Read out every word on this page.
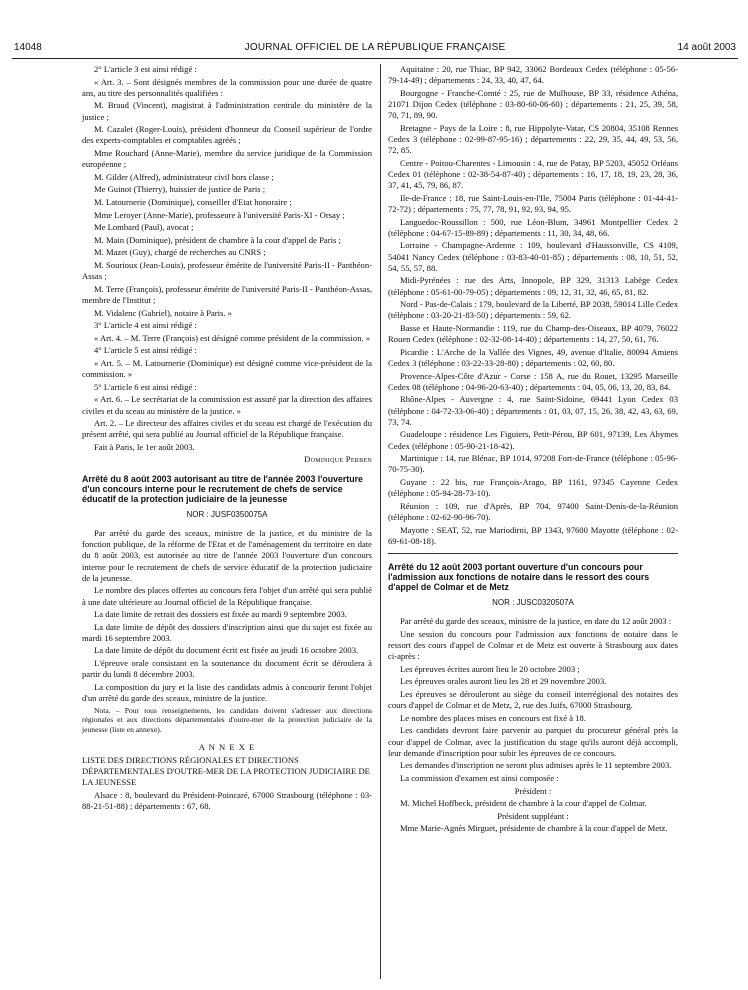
14048	JOURNAL OFFICIEL DE LA RÉPUBLIQUE FRANÇAISE	14 août 2003

2° L'article 3 est ainsi rédigé :

« Art. 3. – Sont désignés membres de la commission pour une durée de quatre ans, au titre des personnalités qualifiées :

M. Braud (Vincent), magistrat à l'administration centrale du ministère de la justice ;

M. Cazalet (Roger-Louis), président d'honneur du Conseil supérieur de l'ordre des experts-comptables et comptables agréés ;

Mme Rouchard (Anne-Marie), membre du service juridique de la Commission européenne ;

M. Gilder (Alfred), administrateur civil hors classe ;

Me Guinot (Thierry), huissier de justice de Paris ;

M. Latournerie (Dominique), conseiller d'Etat honoraire ;

Mme Leroyer (Anne-Marie), professeure à l'université Paris-XI - Orsay ;

Me Lombard (Paul), avocat ;

M. Main (Dominique), président de chambre à la cour d'appel de Paris ;

M. Mazet (Guy), chargé de recherches au CNRS ;

M. Sourioux (Jean-Louis), professeur émérite de l'université Paris-II - Panthéon-Assas ;

M. Terre (François), professeur émérite de l'université Paris-II - Panthéon-Assas, membre de l'Institut ;

M. Vidalenc (Gabriel), notaire à Paris. »

3° L'article 4 est ainsi rédigé :

« Art. 4. – M. Terre (François) est désigné comme président de la commission. »

4° L'article 5 est ainsi rédigé :

« Art. 5. – M. Latournerie (Dominique) est désigné comme vice-président de la commission. »

5° L'article 6 est ainsi rédigé :

« Art. 6. – Le secrétariat de la commission est assuré par la direction des affaires civiles et du sceau au ministère de la justice. »

Art. 2. – Le directeur des affaires civiles et du sceau est chargé de l'exécution du présent arrêté, qui sera publié au Journal officiel de la République française.

Fait à Paris, le 1er août 2003.

Dominique Perben

Arrêté du 8 août 2003 autorisant au titre de l'année 2003 l'ouverture d'un concours interne pour le recrutement de chefs de service éducatif de la protection judiciaire de la jeunesse

NOR : JUSF0350075A

Par arrêté du garde des sceaux, ministre de la justice, et du ministre de la fonction publique, de la réforme de l'Etat et de l'aménagement du territoire en date du 8 août 2003, est autorisée au titre de l'année 2003 l'ouverture d'un concours interne pour le recrutement de chefs de service éducatif de la protection judiciaire de la jeunesse.

Le nombre des places offertes au concours fera l'objet d'un arrêté qui sera publié à une date ultérieure au Journal officiel de la République française.

La date limite de retrait des dossiers est fixée au mardi 9 septembre 2003.

La date limite de dépôt des dossiers d'inscription ainsi que du sujet est fixée au mardi 16 septembre 2003.

La date limite de dépôt du document écrit est fixée au jeudi 16 octobre 2003.

L'épreuve orale consistant en la soutenance du document écrit se déroulera à partir du lundi 8 décembre 2003.

La composition du jury et la liste des candidats admis à concourir feront l'objet d'un arrêté du garde des sceaux, ministre de la justice.

Nota. – Pour tous renseignements, les candidats doivent s'adresser aux directions régionales et aux directions départementales d'outre-mer de la protection judiciaire de la jeunesse (liste en annexe).

A N N E X E

LISTE DES DIRECTIONS RÉGIONALES ET DIRECTIONS DÉPARTEMENTALES D'OUTRE-MER DE LA PROTECTION JUDICIAIRE DE LA JEUNESSE

Alsace : 8, boulevard du Président-Poincaré, 67000 Strasbourg (téléphone : 03-88-21-51-88) ; départements : 67, 68.

Aquitaine : 20, rue Thiac, BP 942, 33062 Bordeaux Cedex (téléphone : 05-56-79-14-49) ; départements : 24, 33, 40, 47, 64.

Bourgogne - Franche-Comté : 25, rue de Mulhouse, BP 33, résidence Athéna, 21071 Dijon Cedex (téléphone : 03-80-60-06-60) ; départements : 21, 25, 39, 58, 70, 71, 89, 90.

Bretagne - Pays de la Loire : 8, rue Hippolyte-Vatar, CS 20804, 35108 Rennes Cedex 3 (téléphone : 02-99-87-95-16) ; départements : 22, 29, 35, 44, 49, 53, 56, 72, 85.

Centre - Poitou-Charentes - Limousin : 4, rue de Patay, BP 5203, 45052 Orléans Cedex 01 (téléphone : 02-38-54-87-40) ; départements : 16, 17, 18, 19, 23, 28, 36, 37, 41, 45, 79, 86, 87.

Ile-de-France : 18, rue Saint-Louis-en-l'Ile, 75004 Paris (téléphone : 01-44-41-72-72) ; départements : 75, 77, 78, 91, 92, 93, 94, 95.

Languedoc-Roussillon : 500, rue Léon-Blum, 34961 Montpellier Cedex 2 (téléphone : 04-67-15-89-89) ; départements : 11, 30, 34, 48, 66.

Lorraine - Champagne-Ardenne : 109, boulevard d'Haussonville, CS 4109, 54041 Nancy Cedex (téléphone : 03-83-40-01-85) ; départements : 08, 10, 51, 52, 54, 55, 57, 88.

Midi-Pyrénées : rue des Arts, Innopole, BP 329, 31313 Labège Cedex (téléphone : 05-61-00-79-05) ; départements : 09, 12, 31, 32, 46, 65, 81, 82.

Nord - Pas-de-Calais : 179, boulevard de la Liberté, BP 2038, 59014 Lille Cedex (téléphone : 03-20-21-83-50) ; départements : 59, 62.

Basse et Haute-Normandie : 119, rue du Champ-des-Oiseaux, BP 4079, 76022 Rouen Cedex (téléphone : 02-32-08-14-40) ; départements : 14, 27, 50, 61, 76.

Picardie : L'Arche de la Vallée des Vignes, 49, avenue d'Italie, 80094 Amiens Cedex 3 (téléphone : 03-22-33-28-80) ; départements : 02, 60, 80.

Provence-Alpes-Côte d'Azur - Corse : 158 A, rue du Rouet, 13295 Marseille Cedex 08 (téléphone : 04-96-20-63-40) ; départements : 04, 05, 06, 13, 20, 83, 84.

Rhône-Alpes - Auvergne : 4, rue Saint-Sidoine, 69441 Lyon Cedex 03 (téléphone : 04-72-33-06-40) ; départements : 01, 03, 07, 15, 26, 38, 42, 43, 63, 69, 73, 74.

Guadeloupe : résidence Les Figuiers, Petit-Pérou, BP 601, 97139, Les Abymes Cedex (téléphone : 05-90-21-18-42).

Martinique : 14, rue Blénac, BP 1014, 97208 Fort-de-France (téléphone : 05-96-70-75-30).

Guyane : 22 bis, rue François-Arago, BP 1161, 97345 Cayenne Cedex (téléphone : 05-94-28-73-10).

Réunion : 109, rue d'Après, BP 704, 97400 Saint-Denis-de-la-Réunion (téléphone : 02-62-90-96-70).

Mayotte : SEAT, 52, rue Mariodirni, BP 1343, 97600 Mayotte (téléphone : 02-69-61-08-18).

Arrêté du 12 août 2003 portant ouverture d'un concours pour l'admission aux fonctions de notaire dans le ressort des cours d'appel de Colmar et de Metz

NOR : JUSC0320507A

Par arrêté du garde des sceaux, ministre de la justice, en date du 12 août 2003 :

Une session du concours pour l'admission aux fonctions de notaire dans le ressort des cours d'appel de Colmar et de Metz est ouverte à Strasbourg aux dates ci-après :

Les épreuves écrites auront lieu le 20 octobre 2003 ;

Les épreuves orales auront lieu les 28 et 29 novembre 2003.

Les épreuves se dérouleront au siège du conseil interrégional des notaires des cours d'appel de Colmar et de Metz, 2, rue des Juifs, 67000 Strasbourg.

Le nombre des places mises en concours est fixé à 18.

Les candidats devront faire parvenir au parquet du procureur général près la cour d'appel de Colmar, avec la justification du stage qu'ils auront déjà accompli, leur demande d'inscription pour subir les épreuves de ce concours.

Les demandes d'inscription ne seront plus admises après le 11 septembre 2003.

La commission d'examen est ainsi composée :

Président :

M. Michel Hoffbeck, président de chambre à la cour d'appel de Colmar.

Président suppléant :

Mme Marie-Agnès Mirguet, présidente de chambre à la cour d'appel de Metz.
